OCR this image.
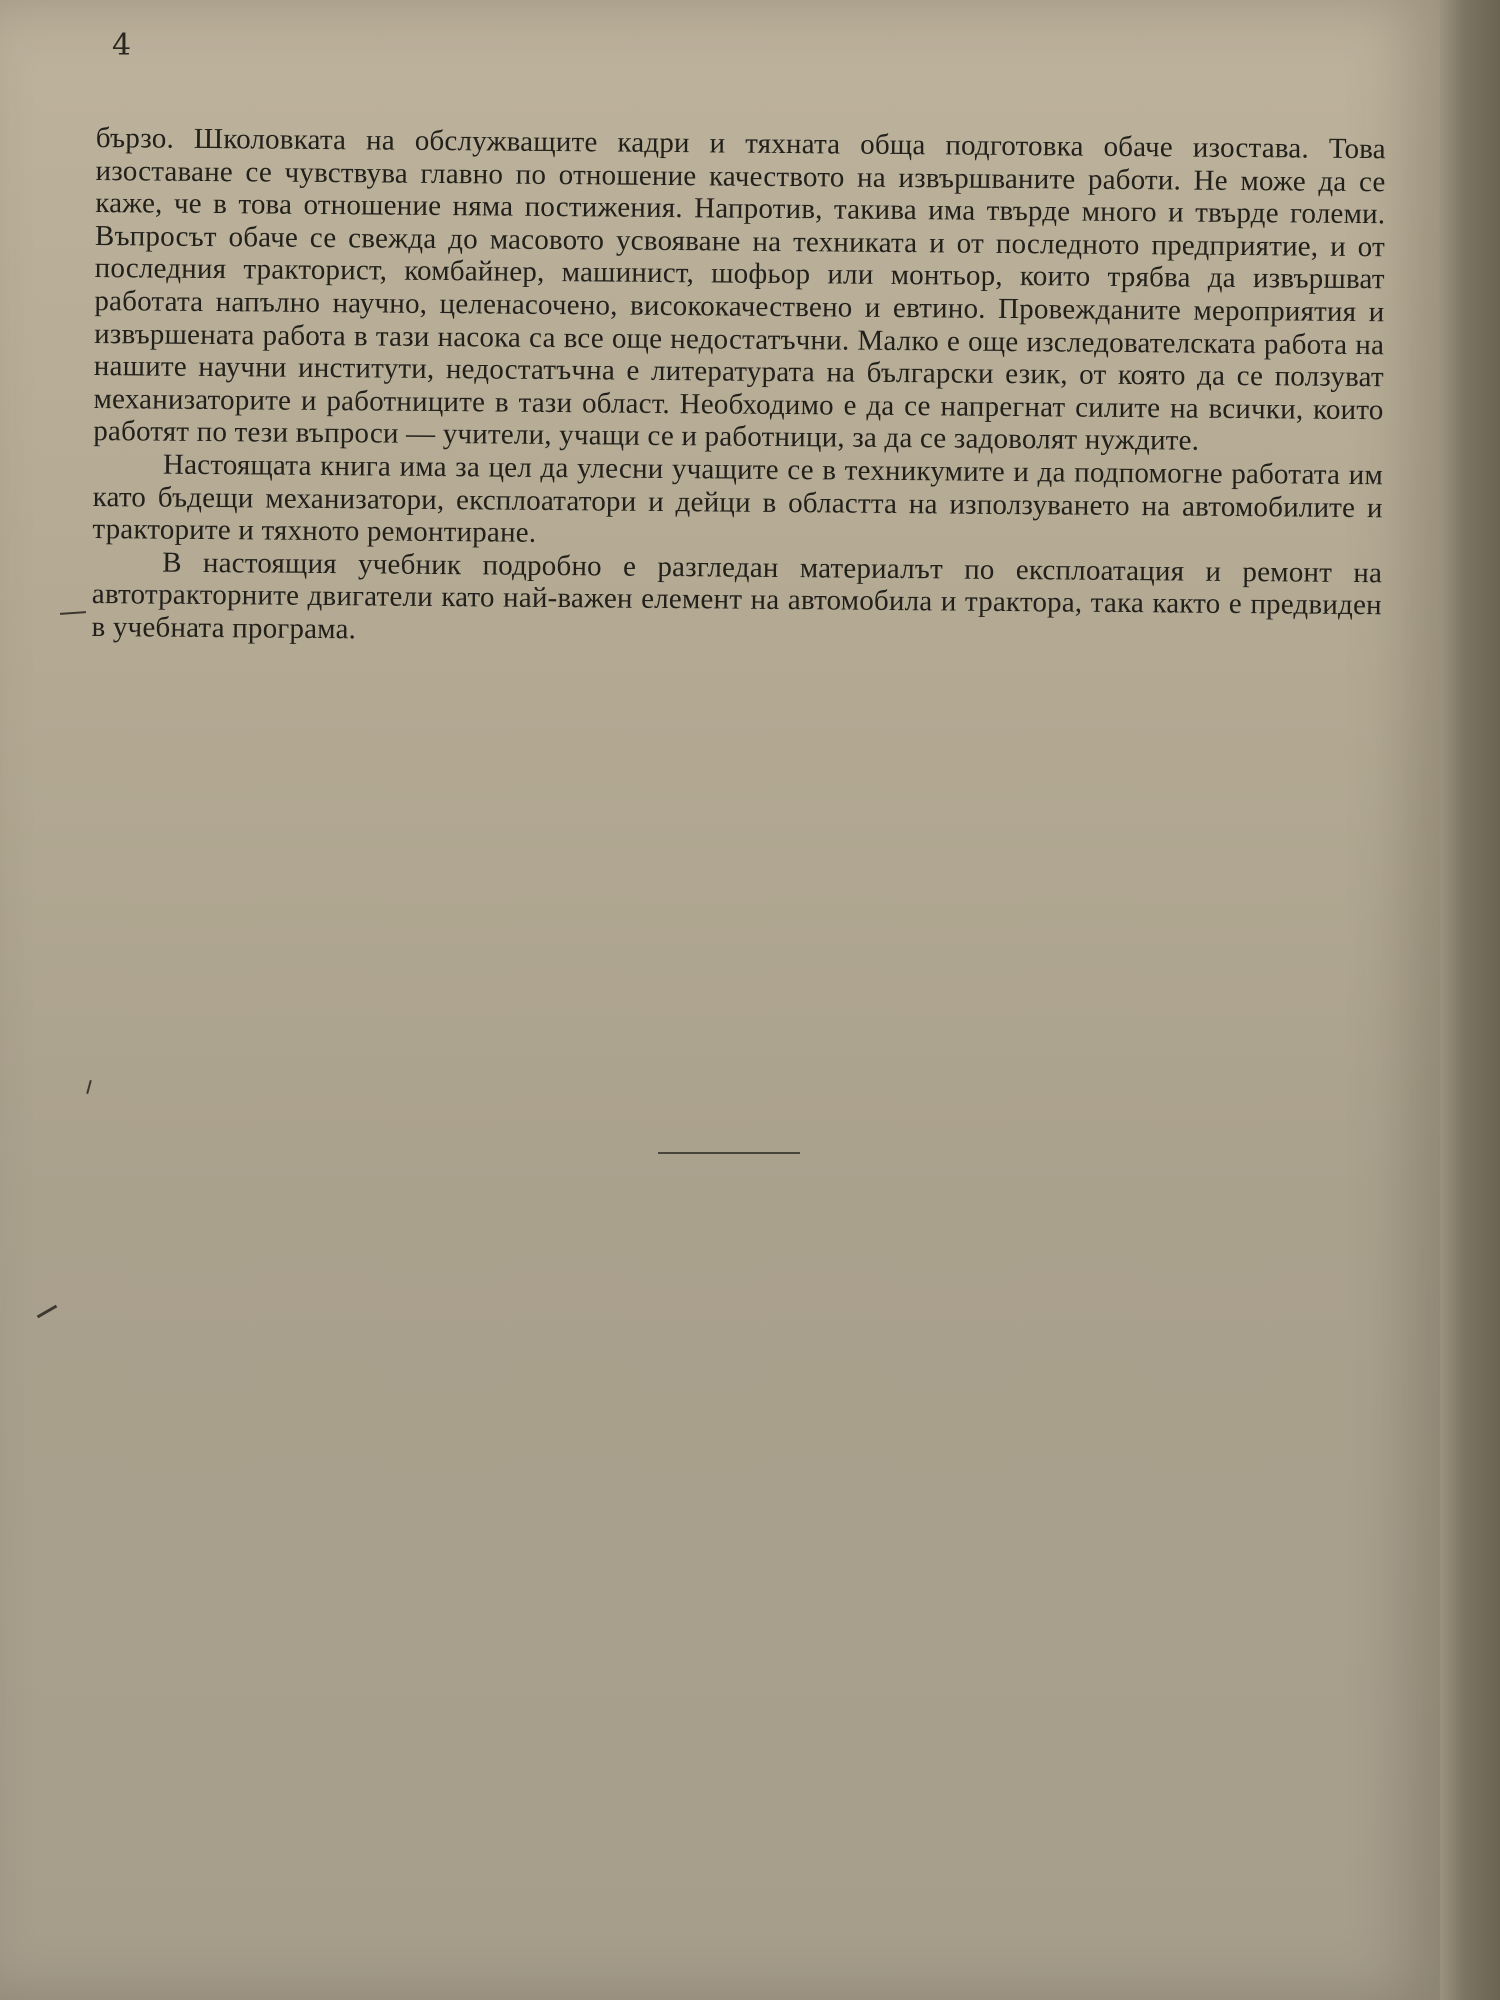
4

бързо. Школовката на обслужващите кадри и тяхната обща подготовка обаче изостава. Това изоставане се чувствува главно по отношение качеството на извършваните работи. Не може да се каже, че в това отношение няма постижения. Напротив, такива има твърде много и твърде големи. Въпросът обаче се свежда до масовото усвояване на техниката и от последното предприятие, и от последния тракторист, комбайнер, машинист, шофьор или монтьор, които трябва да извършват работата напълно научно, целенасочено, висококачествено и евтино. Провежданите мероприятия и извършената работа в тази насока са все още недостатъчни. Малко е още изследователската работа на нашите научни институти, недостатъчна е литературата на български език, от която да се ползуват механизаторите и работниците в тази област. Необходимо е да се напрегнат силите на всички, които работят по тези въпроси — учители, учащи се и работници, за да се задоволят нуждите.

Настоящата книга има за цел да улесни учащите се в техникумите и да подпомогне работата им като бъдещи механизатори, експлоататори и дейци в областта на използуването на автомобилите и тракторите и тяхното ремонтиране.

В настоящия учебник подробно е разгледан материалът по експлоатация и ремонт на автотракторните двигатели като най-важен елемент на автомобила и трактора, така както е предвиден в учебната програма.
